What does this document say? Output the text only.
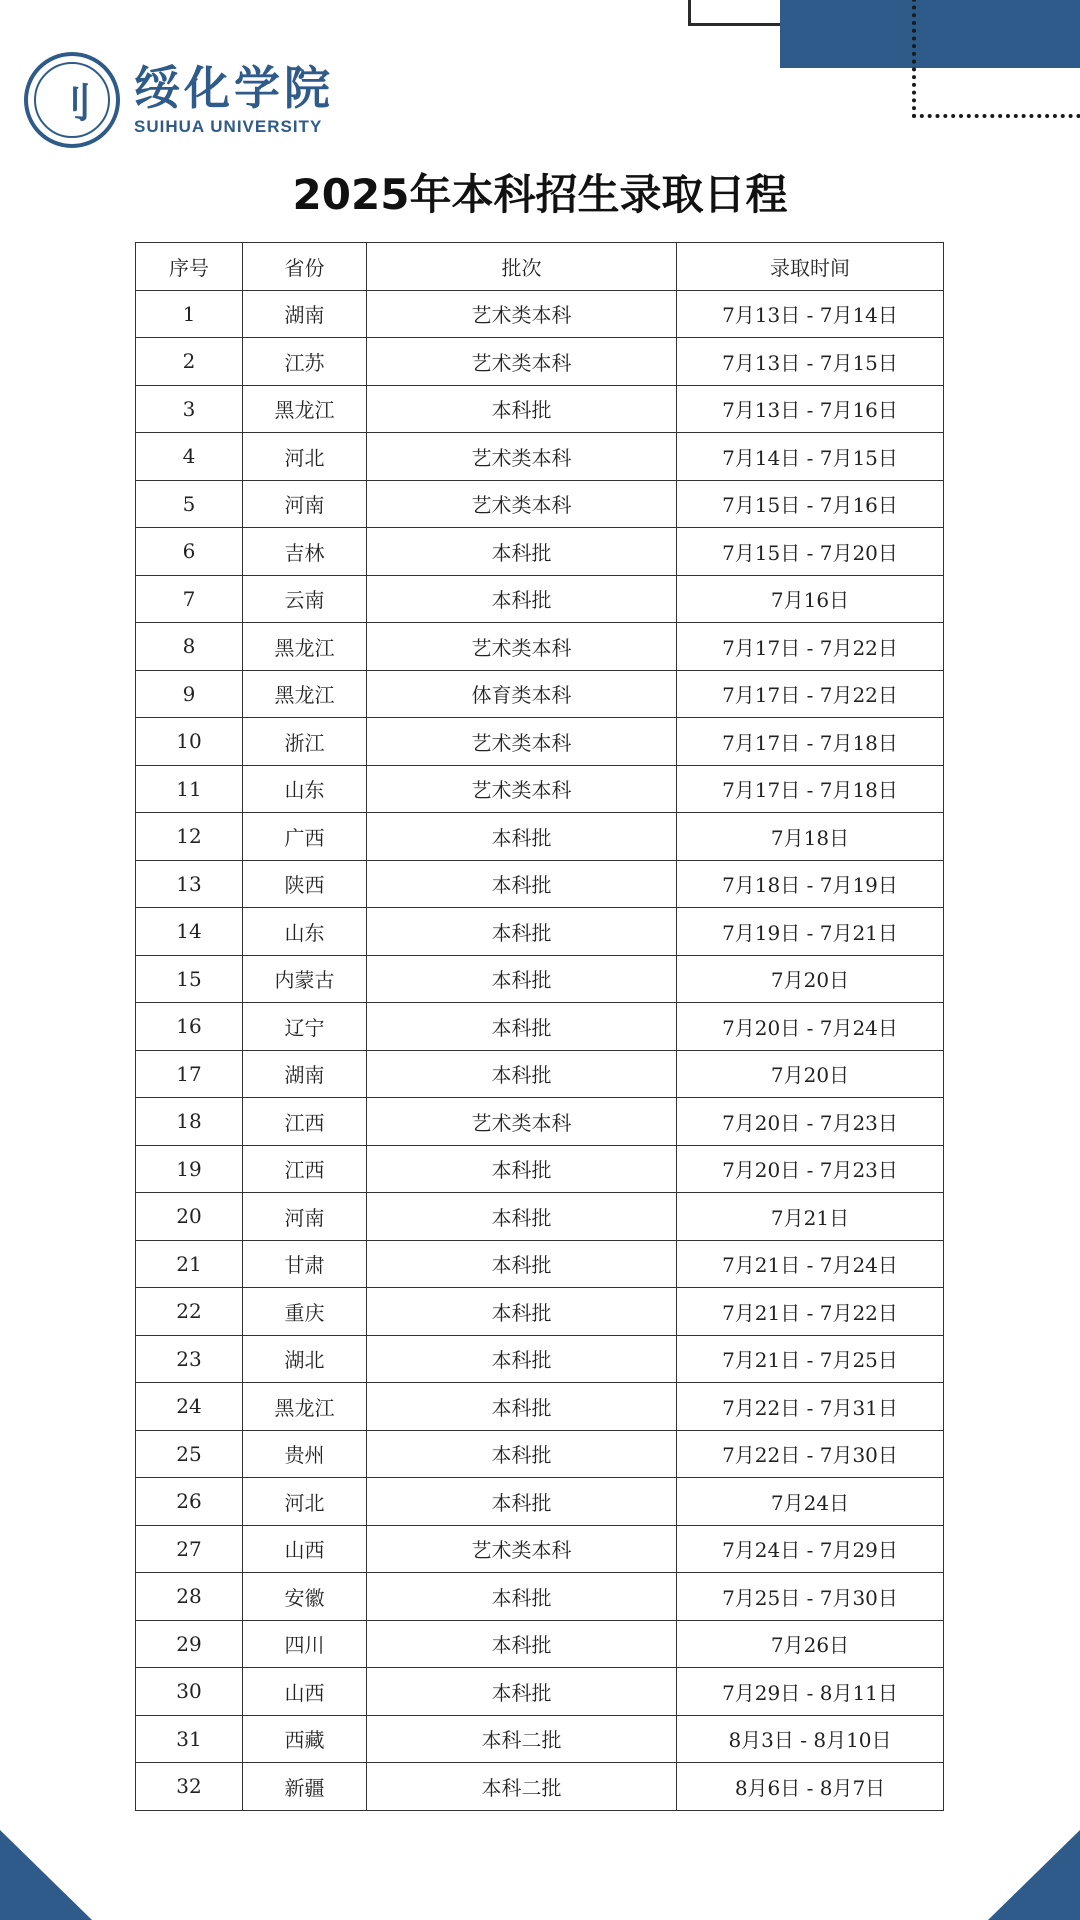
刂 绥化学院
SUIHUA UNIVERSITY
2025年本科招生录取日程
序号	省份	批次	录取时间
1	湖南	艺术类本科	7月13日 - 7月14日
2	江苏	艺术类本科	7月13日 - 7月15日
3	黑龙江	本科批	7月13日 - 7月16日
4	河北	艺术类本科	7月14日 - 7月15日
5	河南	艺术类本科	7月15日 - 7月16日
6	吉林	本科批	7月15日 - 7月20日
7	云南	本科批	7月16日
8	黑龙江	艺术类本科	7月17日 - 7月22日
9	黑龙江	体育类本科	7月17日 - 7月22日
10	浙江	艺术类本科	7月17日 - 7月18日
11	山东	艺术类本科	7月17日 - 7月18日
12	广西	本科批	7月18日
13	陕西	本科批	7月18日 - 7月19日
14	山东	本科批	7月19日 - 7月21日
15	内蒙古	本科批	7月20日
16	辽宁	本科批	7月20日 - 7月24日
17	湖南	本科批	7月20日
18	江西	艺术类本科	7月20日 - 7月23日
19	江西	本科批	7月20日 - 7月23日
20	河南	本科批	7月21日
21	甘肃	本科批	7月21日 - 7月24日
22	重庆	本科批	7月21日 - 7月22日
23	湖北	本科批	7月21日 - 7月25日
24	黑龙江	本科批	7月22日 - 7月31日
25	贵州	本科批	7月22日 - 7月30日
26	河北	本科批	7月24日
27	山西	艺术类本科	7月24日 - 7月29日
28	安徽	本科批	7月25日 - 7月30日
29	四川	本科批	7月26日
30	山西	本科批	7月29日 - 8月11日
31	西藏	本科二批	8月3日 - 8月10日
32	新疆	本科二批	8月6日 - 8月7日
